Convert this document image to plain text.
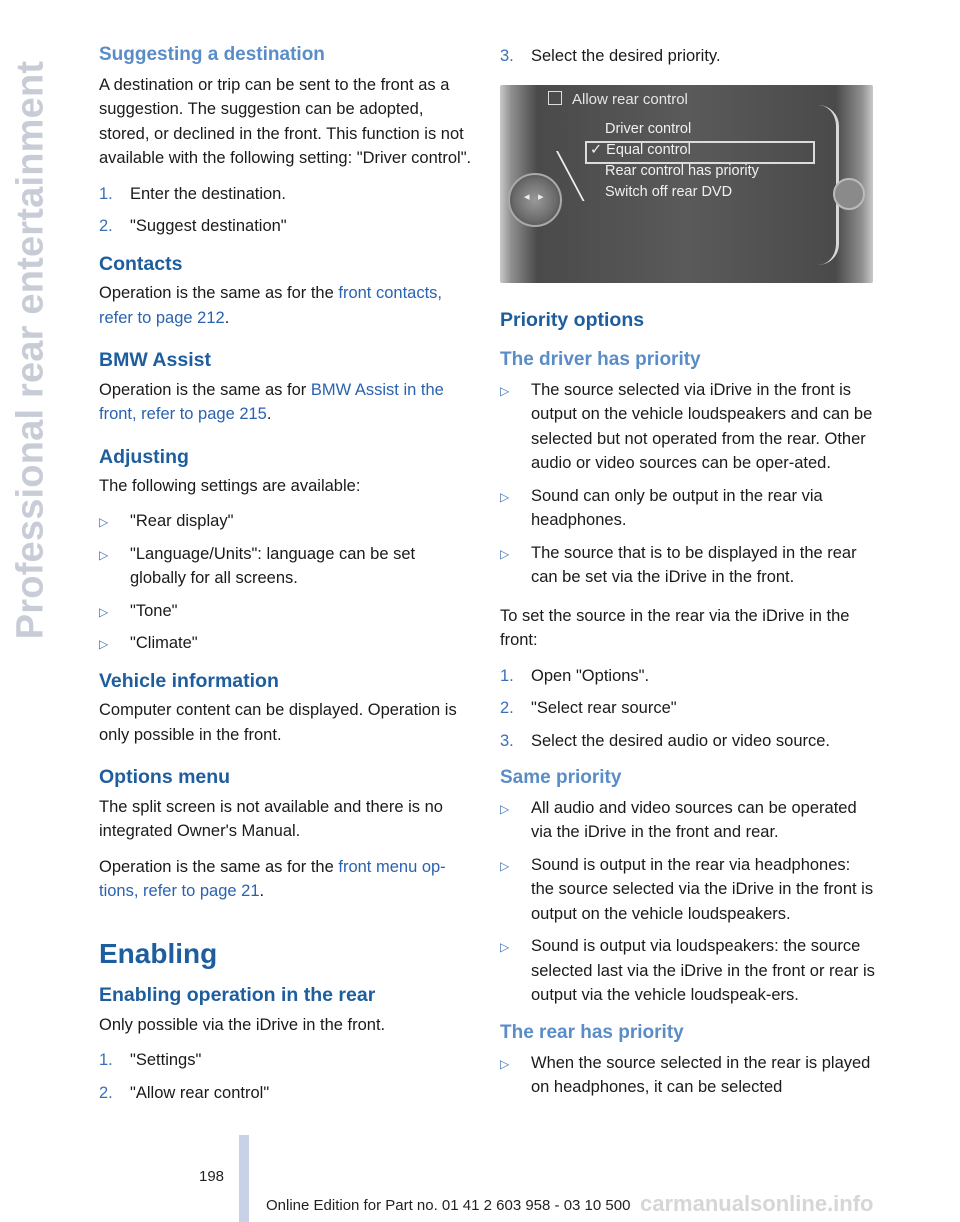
Professional rear entertainment
Suggesting a destination

A destination or trip can be sent to the front as a suggestion. The suggestion can be adopted, stored, or declined in the front. This function is not available with the following setting: "Driver control".

1. Enter the destination.
2. "Suggest destination"
Contacts

Operation is the same as for the front contacts, refer to page 212.

BMW Assist

Operation is the same as for BMW Assist in the front, refer to page 215.

Adjusting

The following settings are available:

▷ "Rear display"
▷ "Language/Units": language can be set globally for all screens.
▷ "Tone"
▷ "Climate"
Vehicle information

Computer content can be displayed. Operation is only possible in the front.

Options menu

The split screen is not available and there is no integrated Owner's Manual.

Operation is the same as for the front menu op‐tions, refer to page 21.

Enabling
Enabling operation in the rear

Only possible via the iDrive in the front.

1. "Settings"
2. "Allow rear control"
3. Select the desired priority.
Allow rear control
Driver control
✓ Equal control
Rear control has priority
Switch off rear DVD
◂ ▸
Priority options
The driver has priority
▷ The source selected via iDrive in the front is output on the vehicle loudspeakers and can be selected but not operated from the rear. Other audio or video sources can be oper‐ated.
▷ Sound can only be output in the rear via headphones.
▷ The source that is to be displayed in the rear can be set via the iDrive in the front.

To set the source in the rear via the iDrive in the front:

1. Open "Options".
2. "Select rear source"
3. Select the desired audio or video source.
Same priority
▷ All audio and video sources can be operated via the iDrive in the front and rear.
▷ Sound is output in the rear via headphones: the source selected via the iDrive in the front is output on the vehicle loudspeakers.
▷ Sound is output via loudspeakers: the source selected last via the iDrive in the front or rear is output via the vehicle loudspeak‐ers.
The rear has priority
▷ When the source selected in the rear is played on headphones, it can be selected
198
Online Edition for Part no. 01 41 2 603 958 - 03 10 500 carmanualsonline.info
